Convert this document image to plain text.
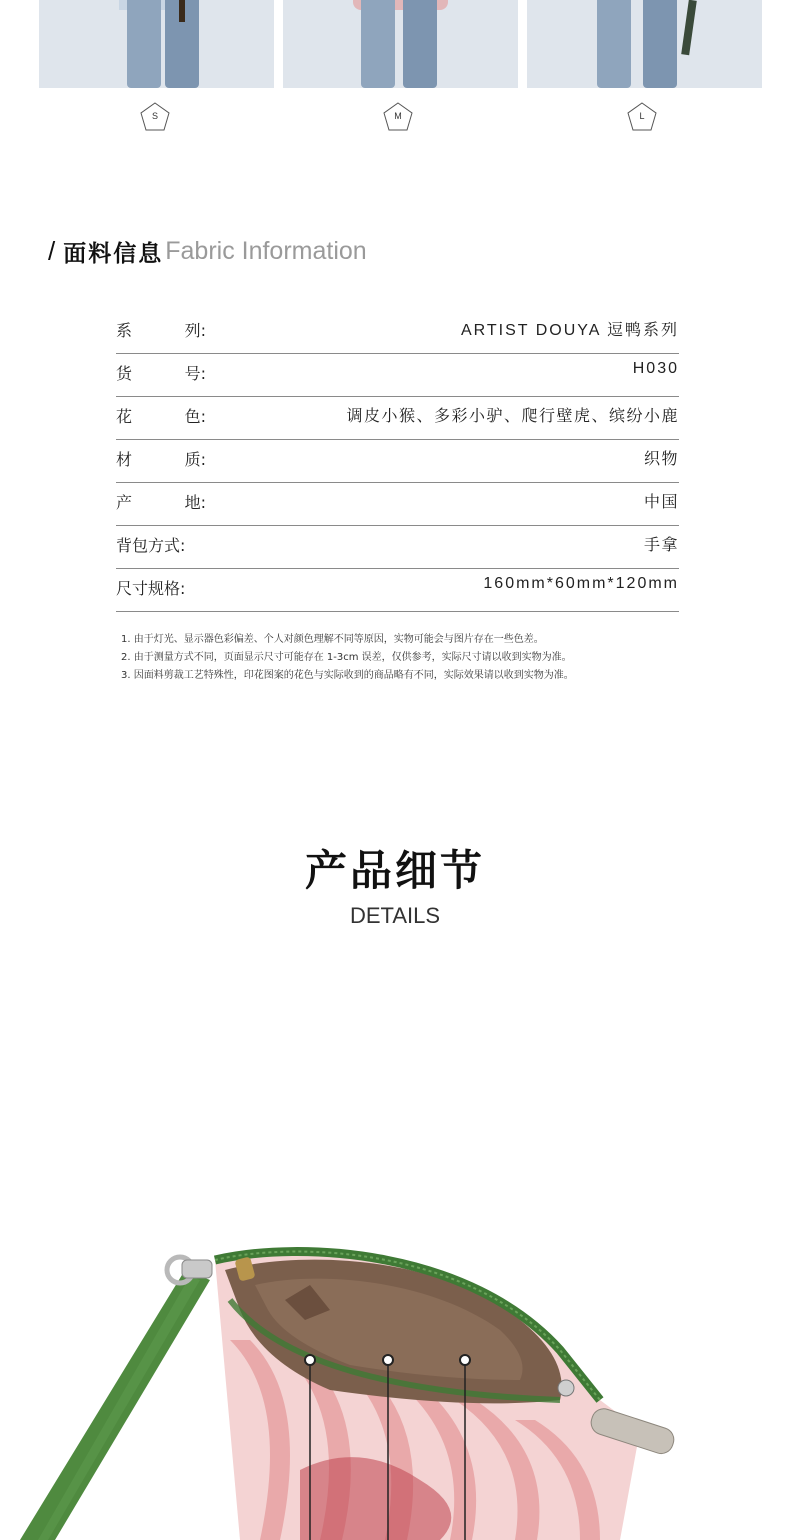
S	M	L
/ 面料信息 Fabric Information
系	列:	ARTIST DOUYA 逗鸭系列
货	号:	H030
花	色:	调皮小猴、多彩小驴、爬行壁虎、缤纷小鹿
材	质:	织物
产	地:	中国
背包方式:	手拿
尺寸规格:	160mm*60mm*120mm
1. 由于灯光、显示器色彩偏差、个人对颜色理解不同等原因，实物可能会与图片存在一些色差。
2. 由于测量方式不同，页面显示尺寸可能存在 1-3cm 误差，仅供参考，实际尺寸请以收到实物为准。
3. 因面料剪裁工艺特殊性，印花图案的花色与实际收到的商品略有不同，实际效果请以收到实物为准。
产品细节
DETAILS
